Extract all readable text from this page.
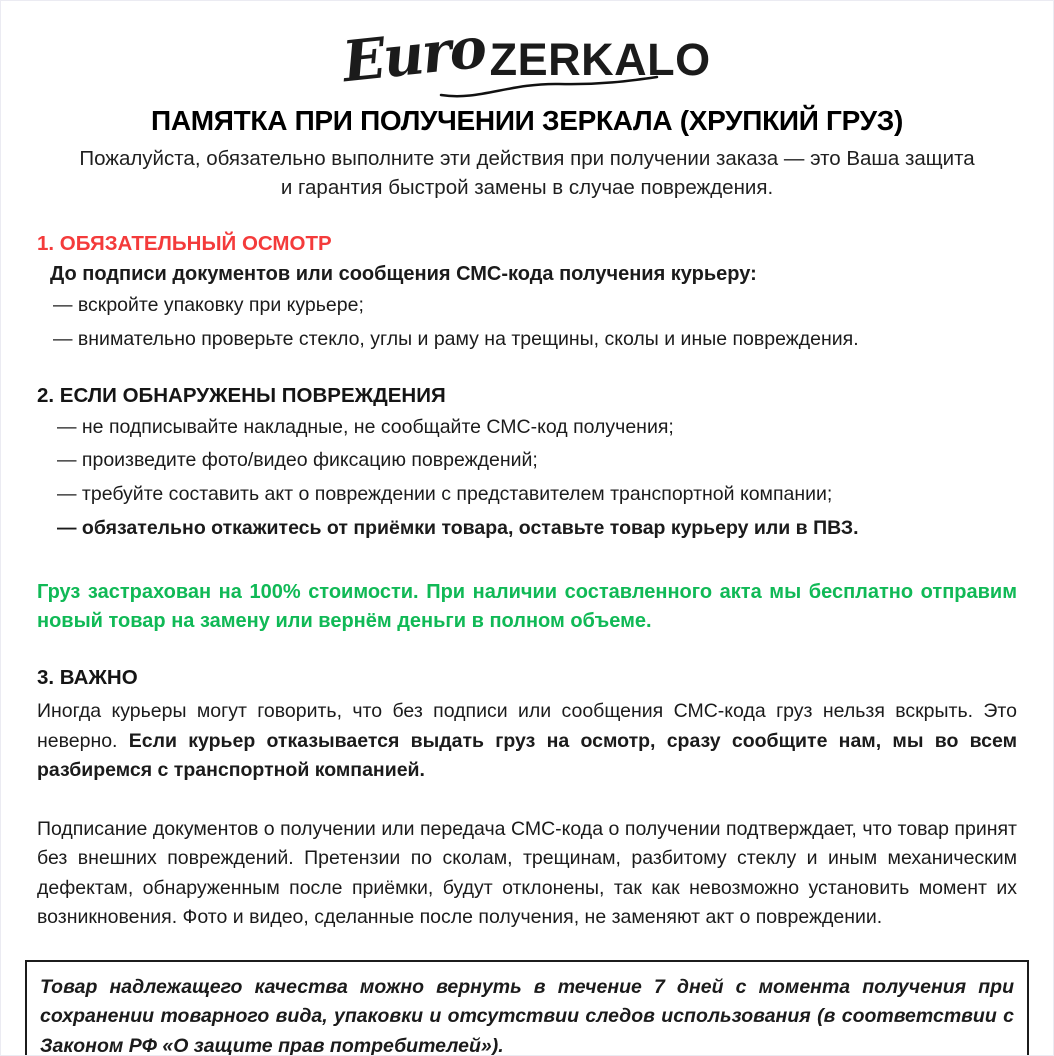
Euro ZERKALO
ПАМЯТКА ПРИ ПОЛУЧЕНИИ ЗЕРКАЛА (ХРУПКИЙ ГРУЗ)

Пожалуйста, обязательно выполните эти действия при получении заказа — это Ваша защита
и гарантия быстрой замены в случае повреждения.

1. ОБЯЗАТЕЛЬНЫЙ ОСМОТР
До подписи документов или сообщения СМС-кода получения курьеру:
— вскройте упаковку при курьере;
— внимательно проверьте стекло, углы и раму на трещины, сколы и иные повреждения.
2. ЕСЛИ ОБНАРУЖЕНЫ ПОВРЕЖДЕНИЯ
— не подписывайте накладные, не сообщайте СМС-код получения;
— произведите фото/видео фиксацию повреждений;
— требуйте составить акт о повреждении с представителем транспортной компании;
— обязательно откажитесь от приёмки товара, оставьте товар курьеру или в ПВЗ.

Груз застрахован на 100% стоимости. При наличии составленного акта мы бесплатно отправим новый товар на замену или вернём деньги в полном объеме.

3. ВАЖНО

Иногда курьеры могут говорить, что без подписи или сообщения СМС-кода груз нельзя вскрыть. Это неверно. Если курьер отказывается выдать груз на осмотр, сразу сообщите нам, мы во всем разбиремся с транспортной компанией.

Подписание документов о получении или передача СМС-кода о получении подтверждает, что товар принят без внешних повреждений. Претензии по сколам, трещинам, разбитому стеклу и иным механическим дефектам, обнаруженным после приёмки, будут отклонены, так как невозможно установить момент их возникновения. Фото и видео, сделанные после получения, не заменяют акт о повреждении.

Товар надлежащего качества можно вернуть в течение 7 дней с момента получения при сохранении товарного вида, упаковки и отсутствии следов использования (в соответствии с Законом РФ «О защите прав потребителей»).
